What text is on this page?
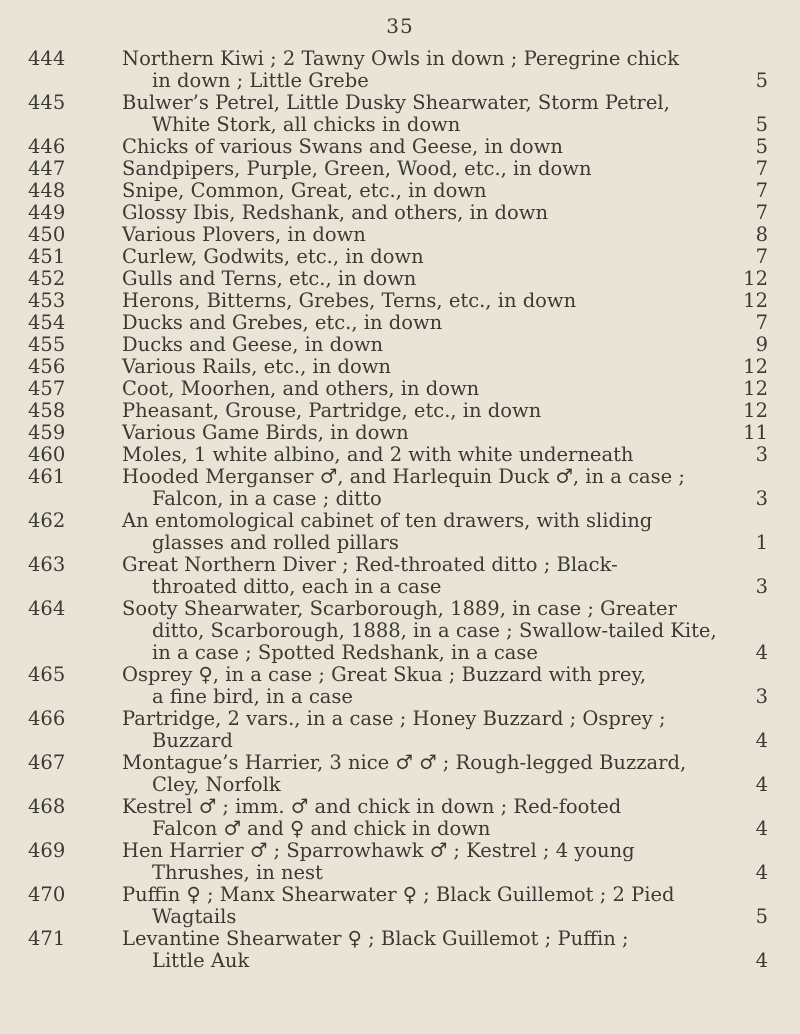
35
444	Northern Kiwi ; 2 Tawny Owls in down ; Peregrine chick
in down ; Little Grebe	5
445	Bulwer’s Petrel, Little Dusky Shearwater, Storm Petrel,
White Stork, all chicks in down	5
446	Chicks of various Swans and Geese, in down	5
447	Sandpipers, Purple, Green, Wood, etc., in down	7
448	Snipe, Common, Great, etc., in down	7
449	Glossy Ibis, Redshank, and others, in down	7
450	Various Plovers, in down	8
451	Curlew, Godwits, etc., in down	7
452	Gulls and Terns, etc., in down	12
453	Herons, Bitterns, Grebes, Terns, etc., in down	12
454	Ducks and Grebes, etc., in down	7
455	Ducks and Geese, in down	9
456	Various Rails, etc., in down	12
457	Coot, Moorhen, and others, in down	12
458	Pheasant, Grouse, Partridge, etc., in down	12
459	Various Game Birds, in down	11
460	Moles, 1 white albino, and 2 with white underneath	3
461	Hooded Merganser ♂, and Harlequin Duck ♂, in a case ;
Falcon, in a case ; ditto	3
462	An entomological cabinet of ten drawers, with sliding
glasses and rolled pillars	1
463	Great Northern Diver ; Red-throated ditto ; Black-
throated ditto, each in a case	3
464	Sooty Shearwater, Scarborough, 1889, in case ; Greater
ditto, Scarborough, 1888, in a case ; Swallow-tailed Kite,
in a case ; Spotted Redshank, in a case	4
465	Osprey ♀, in a case ; Great Skua ; Buzzard with prey,
a fine bird, in a case	3
466	Partridge, 2 vars., in a case ; Honey Buzzard ; Osprey ;
Buzzard	4
467	Montague’s Harrier, 3 nice ♂ ♂ ; Rough-legged Buzzard,
Cley, Norfolk	4
468	Kestrel ♂ ; imm. ♂ and chick in down ; Red-footed
Falcon ♂ and ♀ and chick in down	4
469	Hen Harrier ♂ ; Sparrowhawk ♂ ; Kestrel ; 4 young
Thrushes, in nest	4
470	Puffin ♀ ; Manx Shearwater ♀ ; Black Guillemot ; 2 Pied
Wagtails	5
471	Levantine Shearwater ♀ ; Black Guillemot ; Puffin ;
Little Auk	4
